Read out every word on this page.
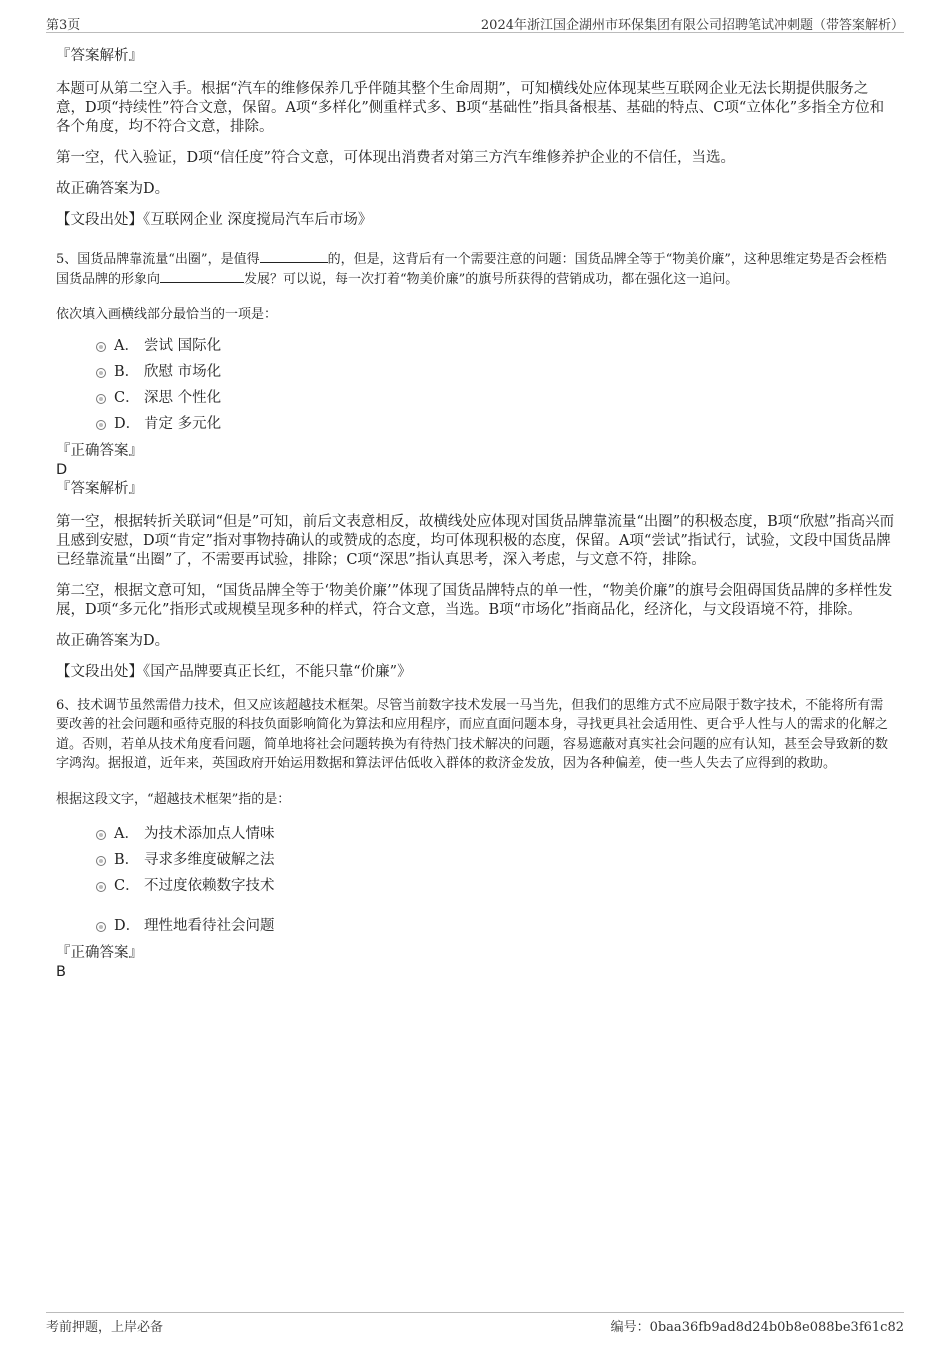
第3页	2024年浙江国企湖州市环保集团有限公司招聘笔试冲刺题（带答案解析）

『答案解析』

本题可从第二空入手。根据“汽车的维修保养几乎伴随其整个生命周期”，可知横线处应体现某些互联网企业无法长期提供服务之意，D项“持续性”符合文意，保留。A项“多样化”侧重样式多、B项“基础性”指具备根基、基础的特点、C项“立体化”多指全方位和各个角度，均不符合文意，排除。

第一空，代入验证，D项“信任度”符合文意，可体现出消费者对第三方汽车维修养护企业的不信任，当选。

故正确答案为D。

【文段出处】《互联网企业 深度搅局汽车后市场》

5、国货品牌靠流量“出圈”，是值得	的，但是，这背后有一个需要注意的问题：国货品牌全等于“物美价廉”，这种思维定势是否会桎梏国货品牌的形象向	发展？可以说，每一次打着“物美价廉”的旗号所获得的营销成功，都在强化这一追问。

依次填入画横线部分最恰当的一项是：

A． 尝试 国际化
B． 欣慰 市场化
C． 深思 个性化
D． 肯定 多元化

『正确答案』

D

『答案解析』

第一空，根据转折关联词“但是”可知，前后文表意相反，故横线处应体现对国货品牌靠流量“出圈”的积极态度，B项“欣慰”指高兴而且感到安慰，D项“肯定”指对事物持确认的或赞成的态度，均可体现积极的态度，保留。A项“尝试”指试行，试验，文段中国货品牌已经靠流量“出圈”了，不需要再试验，排除；C项“深思”指认真思考，深入考虑，与文意不符，排除。

第二空，根据文意可知，“国货品牌全等于‘物美价廉’”体现了国货品牌特点的单一性，“物美价廉”的旗号会阻碍国货品牌的多样性发展，D项“多元化”指形式或规模呈现多种的样式，符合文意，当选。B项“市场化”指商品化，经济化，与文段语境不符，排除。

故正确答案为D。

【文段出处】《国产品牌要真正长红，不能只靠“价廉”》

6、技术调节虽然需借力技术，但又应该超越技术框架。尽管当前数字技术发展一马当先，但我们的思维方式不应局限于数字技术，不能将所有需要改善的社会问题和亟待克服的科技负面影响简化为算法和应用程序，而应直面问题本身，寻找更具社会适用性、更合乎人性与人的需求的化解之道。否则，若单从技术角度看问题，简单地将社会问题转换为有待热门技术解决的问题，容易遮蔽对真实社会问题的应有认知，甚至会导致新的数字鸿沟。据报道，近年来，英国政府开始运用数据和算法评估低收入群体的救济金发放，因为各种偏差，使一些人失去了应得到的救助。

根据这段文字，“超越技术框架”指的是：

A． 为技术添加点人情味
B． 寻求多维度破解之法
C． 不过度依赖数字技术
D． 理性地看待社会问题

『正确答案』

B

考前押题，上岸必备	编号：0baa36fb9ad8d24b0b8e088be3f61c82
